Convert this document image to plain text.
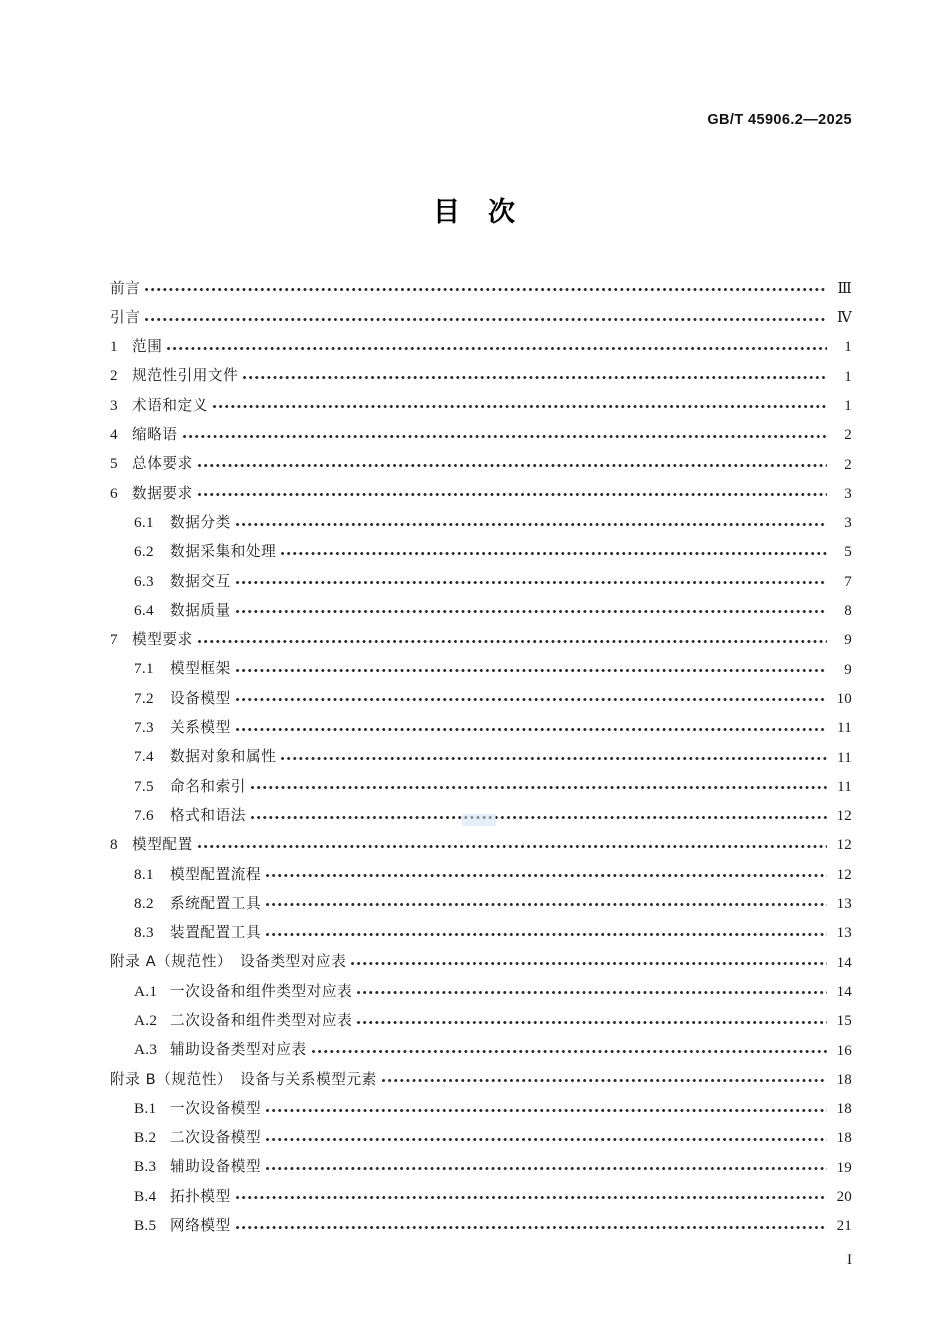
GB/T 45906.2—2025
目 次
前言	Ⅲ
引言	Ⅳ
1 范围	1
2 规范性引用文件	1
3 术语和定义	1
4 缩略语	2
5 总体要求	2
6 数据要求	3
6.1 数据分类	3
6.2 数据采集和处理	5
6.3 数据交互	7
6.4 数据质量	8
7 模型要求	9
7.1 模型框架	9
7.2 设备模型	10
7.3 关系模型	11
7.4 数据对象和属性	11
7.5 命名和索引	11
7.6 格式和语法	12
8 模型配置	12
8.1 模型配置流程	12
8.2 系统配置工具	13
8.3 装置配置工具	13
附录 A（规范性）　设备类型对应表	14
A.1 一次设备和组件类型对应表	14
A.2 二次设备和组件类型对应表	15
A.3 辅助设备类型对应表	16
附录 B（规范性）　设备与关系模型元素	18
B.1 一次设备模型	18
B.2 二次设备模型	18
B.3 辅助设备模型	19
B.4 拓扑模型	20
B.5 网络模型	21
I
